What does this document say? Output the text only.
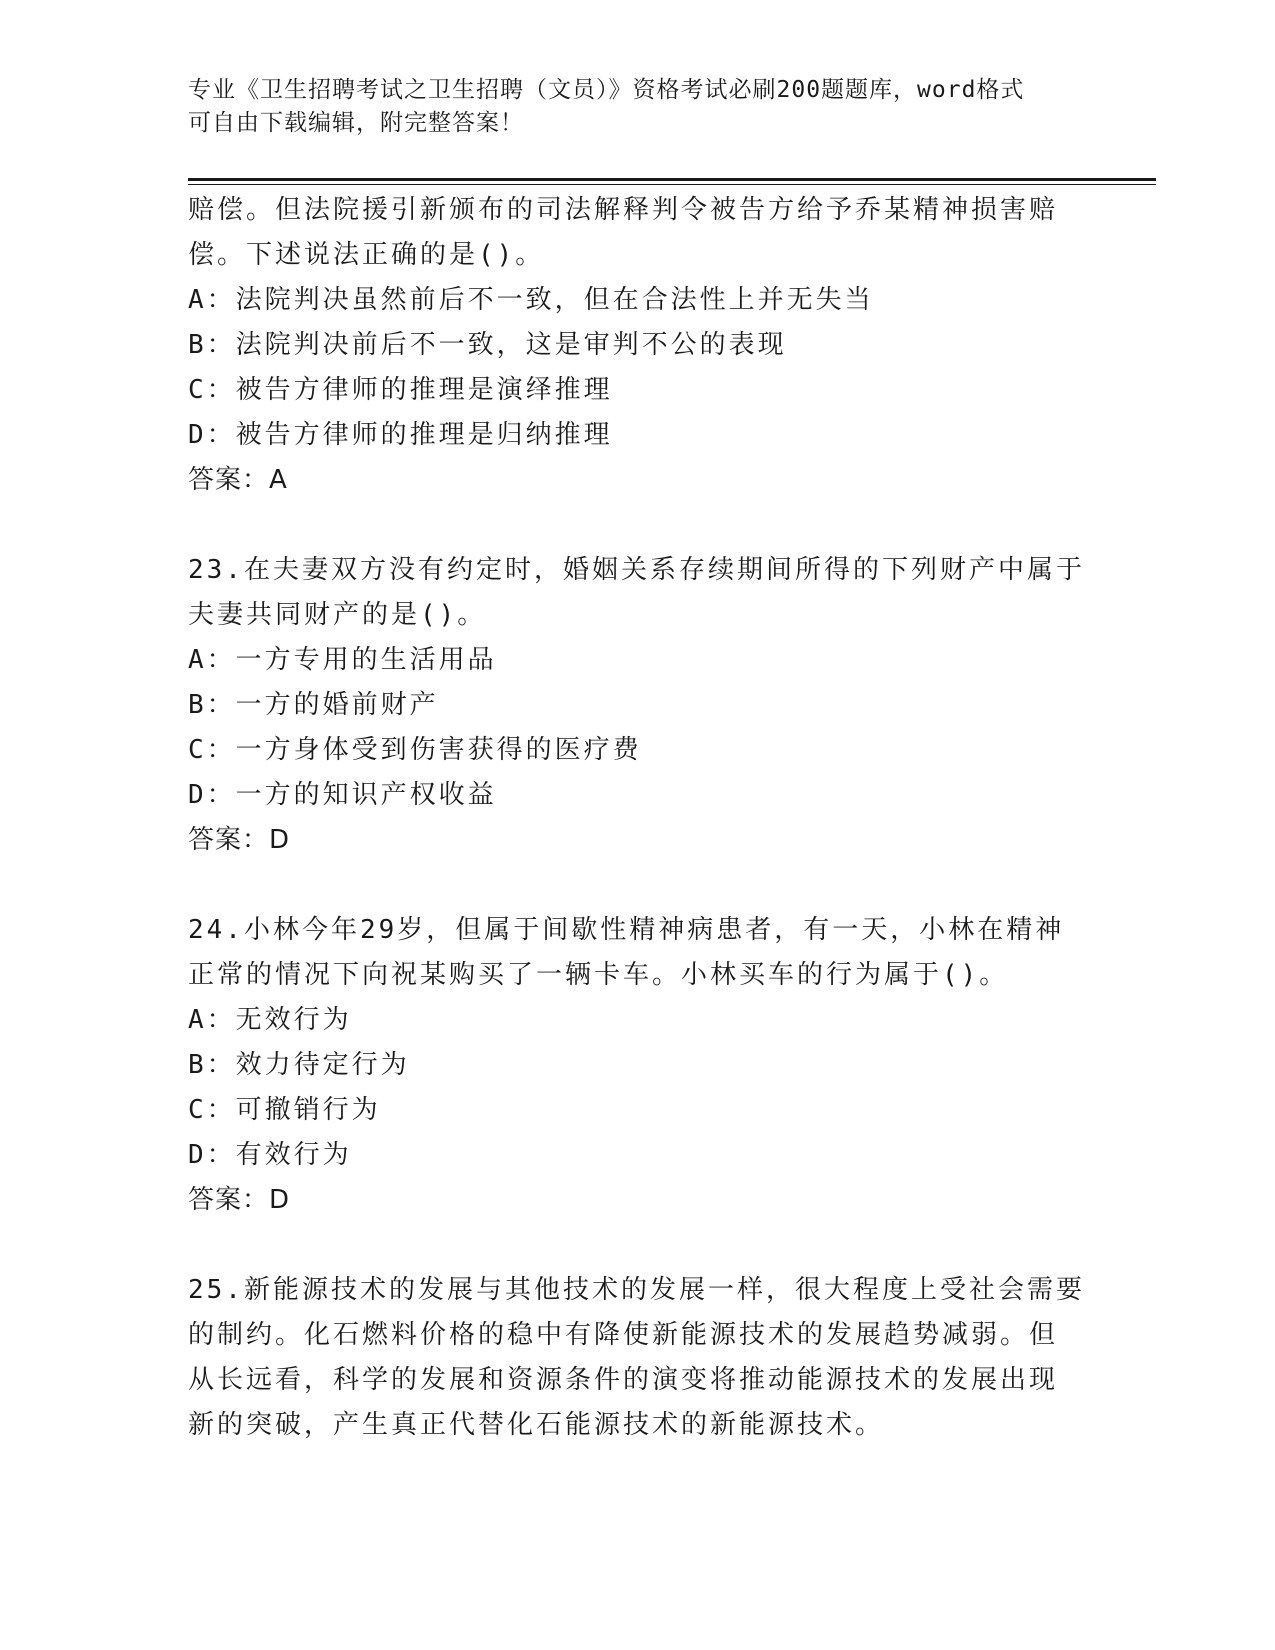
专业《卫生招聘考试之卫生招聘（文员）》资格考试必刷200题题库，word格式
可自由下载编辑，附完整答案！
赔偿。但法院援引新颁布的司法解释判令被告方给予乔某精神损害赔
偿。下述说法正确的是()。
A：法院判决虽然前后不一致，但在合法性上并无失当
B：法院判决前后不一致，这是审判不公的表现
C：被告方律师的推理是演绎推理
D：被告方律师的推理是归纳推理
答案：A
23.在夫妻双方没有约定时，婚姻关系存续期间所得的下列财产中属于
夫妻共同财产的是()。
A：一方专用的生活用品
B：一方的婚前财产
C：一方身体受到伤害获得的医疗费
D：一方的知识产权收益
答案：D
24.小林今年29岁，但属于间歇性精神病患者，有一天，小林在精神
正常的情况下向祝某购买了一辆卡车。小林买车的行为属于()。
A：无效行为
B：效力待定行为
C：可撤销行为
D：有效行为
答案：D
25.新能源技术的发展与其他技术的发展一样，很大程度上受社会需要
的制约。化石燃料价格的稳中有降使新能源技术的发展趋势减弱。但
从长远看，科学的发展和资源条件的演变将推动能源技术的发展出现
新的突破，产生真正代替化石能源技术的新能源技术。
